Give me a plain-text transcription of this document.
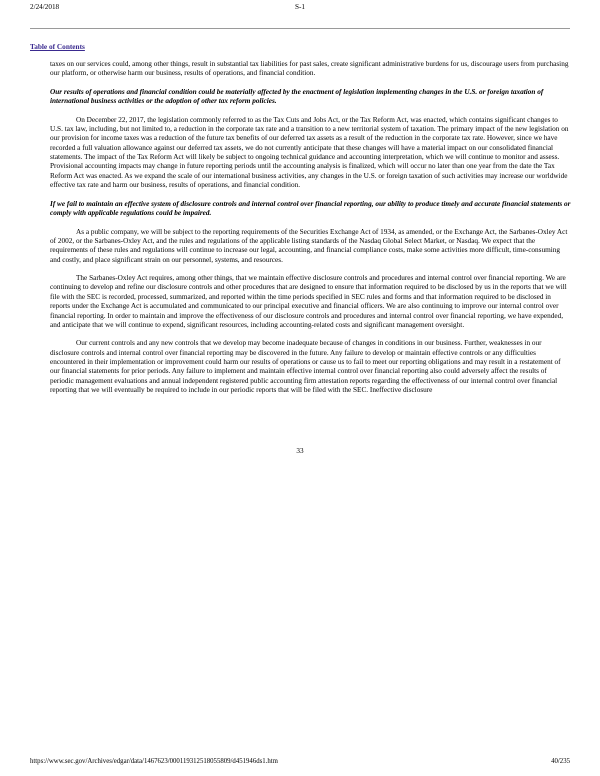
2/24/2018	S-1
Table of Contents

taxes on our services could, among other things, result in substantial tax liabilities for past sales, create significant administrative burdens for us, discourage users from purchasing our platform, or otherwise harm our business, results of operations, and financial condition.

Our results of operations and financial condition could be materially affected by the enactment of legislation implementing changes in the U.S. or foreign taxation of international business activities or the adoption of other tax reform policies.

On December 22, 2017, the legislation commonly referred to as the Tax Cuts and Jobs Act, or the Tax Reform Act, was enacted, which contains significant changes to U.S. tax law, including, but not limited to, a reduction in the corporate tax rate and a transition to a new territorial system of taxation. The primary impact of the new legislation on our provision for income taxes was a reduction of the future tax benefits of our deferred tax assets as a result of the reduction in the corporate tax rate. However, since we have recorded a full valuation allowance against our deferred tax assets, we do not currently anticipate that these changes will have a material impact on our consolidated financial statements. The impact of the Tax Reform Act will likely be subject to ongoing technical guidance and accounting interpretation, which we will continue to monitor and assess. Provisional accounting impacts may change in future reporting periods until the accounting analysis is finalized, which will occur no later than one year from the date the Tax Reform Act was enacted. As we expand the scale of our international business activities, any changes in the U.S. or foreign taxation of such activities may increase our worldwide effective tax rate and harm our business, results of operations, and financial condition.

If we fail to maintain an effective system of disclosure controls and internal control over financial reporting, our ability to produce timely and accurate financial statements or comply with applicable regulations could be impaired.

As a public company, we will be subject to the reporting requirements of the Securities Exchange Act of 1934, as amended, or the Exchange Act, the Sarbanes-Oxley Act of 2002, or the Sarbanes-Oxley Act, and the rules and regulations of the applicable listing standards of the Nasdaq Global Select Market, or Nasdaq. We expect that the requirements of these rules and regulations will continue to increase our legal, accounting, and financial compliance costs, make some activities more difficult, time-consuming and costly, and place significant strain on our personnel, systems, and resources.

The Sarbanes-Oxley Act requires, among other things, that we maintain effective disclosure controls and procedures and internal control over financial reporting. We are continuing to develop and refine our disclosure controls and other procedures that are designed to ensure that information required to be disclosed by us in the reports that we will file with the SEC is recorded, processed, summarized, and reported within the time periods specified in SEC rules and forms and that information required to be disclosed in reports under the Exchange Act is accumulated and communicated to our principal executive and financial officers. We are also continuing to improve our internal control over financial reporting. In order to maintain and improve the effectiveness of our disclosure controls and procedures and internal control over financial reporting, we have expended, and anticipate that we will continue to expend, significant resources, including accounting-related costs and significant management oversight.

Our current controls and any new controls that we develop may become inadequate because of changes in conditions in our business. Further, weaknesses in our disclosure controls and internal control over financial reporting may be discovered in the future. Any failure to develop or maintain effective controls or any difficulties encountered in their implementation or improvement could harm our results of operations or cause us to fail to meet our reporting obligations and may result in a restatement of our financial statements for prior periods. Any failure to implement and maintain effective internal control over financial reporting also could adversely affect the results of periodic management evaluations and annual independent registered public accounting firm attestation reports regarding the effectiveness of our internal control over financial reporting that we will eventually be required to include in our periodic reports that will be filed with the SEC. Ineffective disclosure

33
https://www.sec.gov/Archives/edgar/data/1467623/000119312518055809/d451946ds1.htm	40/235
